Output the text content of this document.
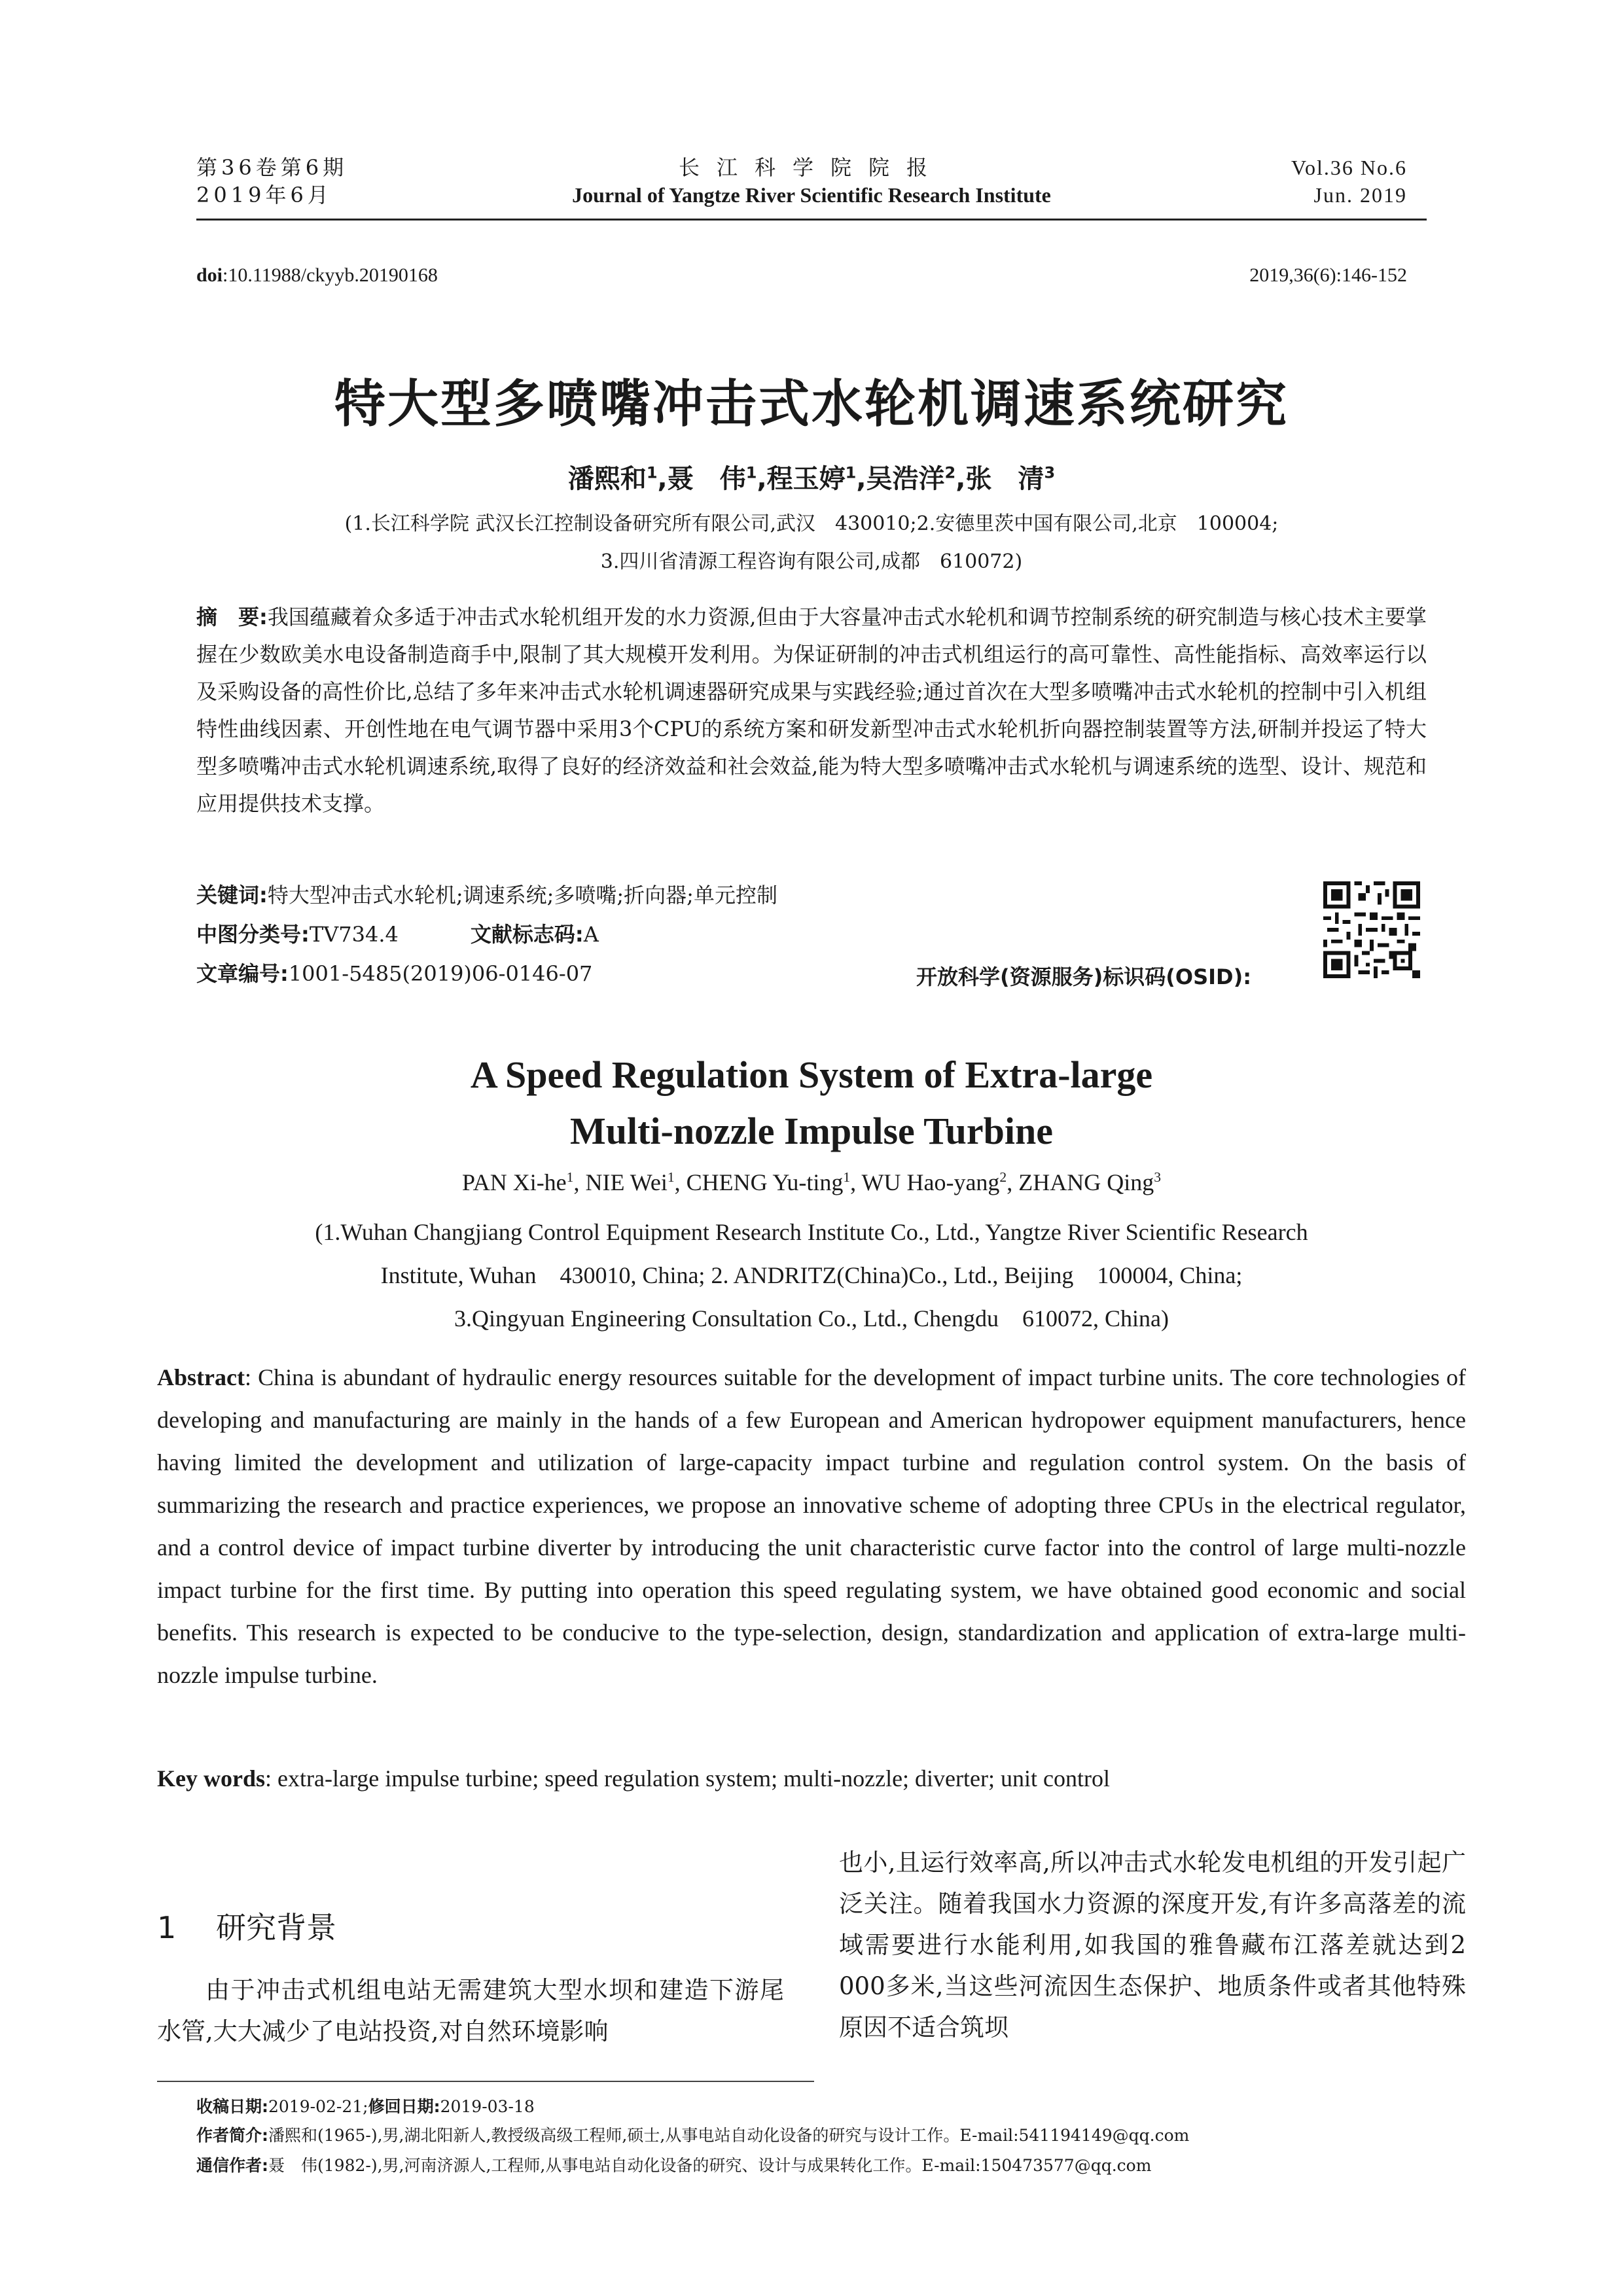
第36卷第6期
2019年6月
长江科学院院报
Journal of Yangtze River Scientific Research Institute
Vol.36 No.6
Jun. 2019
doi:10.11988/ckyyb.20190168	2019,36(6):146-152
特大型多喷嘴冲击式水轮机调速系统研究
潘熙和$^1$,聂　伟$^1$,程玉婷$^1$,吴浩洋$^2$,张　清$^3$
(1.长江科学院 武汉长江控制设备研究所有限公司,武汉　430010;2.安德里茨中国有限公司,北京　100004;
3.四川省清源工程咨询有限公司,成都　610072)
摘　要:我国蕴藏着众多适于冲击式水轮机组开发的水力资源,但由于大容量冲击式水轮机和调节控制系统的研究制造与核心技术主要掌握在少数欧美水电设备制造商手中,限制了其大规模开发利用。为保证研制的冲击式机组运行的高可靠性、高性能指标、高效率运行以及采购设备的高性价比,总结了多年来冲击式水轮机调速器研究成果与实践经验;通过首次在大型多喷嘴冲击式水轮机的控制中引入机组特性曲线因素、开创性地在电气调节器中采用3个CPU的系统方案和研发新型冲击式水轮机折向器控制装置等方法,研制并投运了特大型多喷嘴冲击式水轮机调速系统,取得了良好的经济效益和社会效益,能为特大型多喷嘴冲击式水轮机与调速系统的选型、设计、规范和应用提供技术支撑。
关键词:特大型冲击式水轮机;调速系统;多喷嘴;折向器;单元控制
中图分类号:TV734.4	文献标志码:A
文章编号:1001-5485(2019)06-0146-07	开放科学(资源服务)标识码(OSID):
A Speed Regulation System of Extra-large
Multi-nozzle Impulse Turbine
PAN $Xi-he^1$, NIE Wei$^1$, CHENG Yu-ting$^1$, WU Hao-yang$^2$, ZHANG Qing$^3$
(1.Wuhan Changjiang Control Equipment Research Institute Co., Ltd., Yangtze River Scientific Research
Institute, Wuhan　430010, China; 2. ANDRITZ(China)Co., Ltd., Beijing　100004, China;
3.Qingyuan Engineering Consultation Co., Ltd., Chengdu　610072, China)
Abstract: China is abundant of hydraulic energy resources suitable for the development of impact turbine units. The core technologies of developing and manufacturing are mainly in the hands of a few European and American hydropower equipment manufacturers, hence having limited the development and utilization of large-capacity impact turbine and regulation control system. On the basis of summarizing the research and practice experiences, we propose an innovative scheme of adopting three CPUs in the electrical regulator, and a control device of impact turbine diverter by introducing the unit characteristic curve factor into the control of large multi-nozzle impact turbine for the first time. By putting into operation this speed regulating system, we have obtained good economic and social benefits. This research is expected to be conducive to the type-selection, design, standardization and application of extra-large multi-nozzle impulse turbine.
Key words: extra-large impulse turbine; speed regulation system; multi-nozzle; diverter; unit control
1 研究背景
由于冲击式机组电站无需建筑大型水坝和建造下游尾水管,大大减少了电站投资,对自然环境影响
也小,且运行效率高,所以冲击式水轮发电机组的开发引起广泛关注。随着我国水力资源的深度开发,有许多高落差的流域需要进行水能利用,如我国的雅鲁藏布江落差就达到2 000多米,当这些河流因生态保护、地质条件或者其他特殊原因不适合筑坝
收稿日期:2019-02-21;修回日期:2019-03-18
作者简介:潘熙和(1965-),男,湖北阳新人,教授级高级工程师,硕士,从事电站自动化设备的研究与设计工作。E-mail:541194149@qq.com
通信作者:聂　伟(1982-),男,河南济源人,工程师,从事电站自动化设备的研究、设计与成果转化工作。E-mail:150473577@qq.com
